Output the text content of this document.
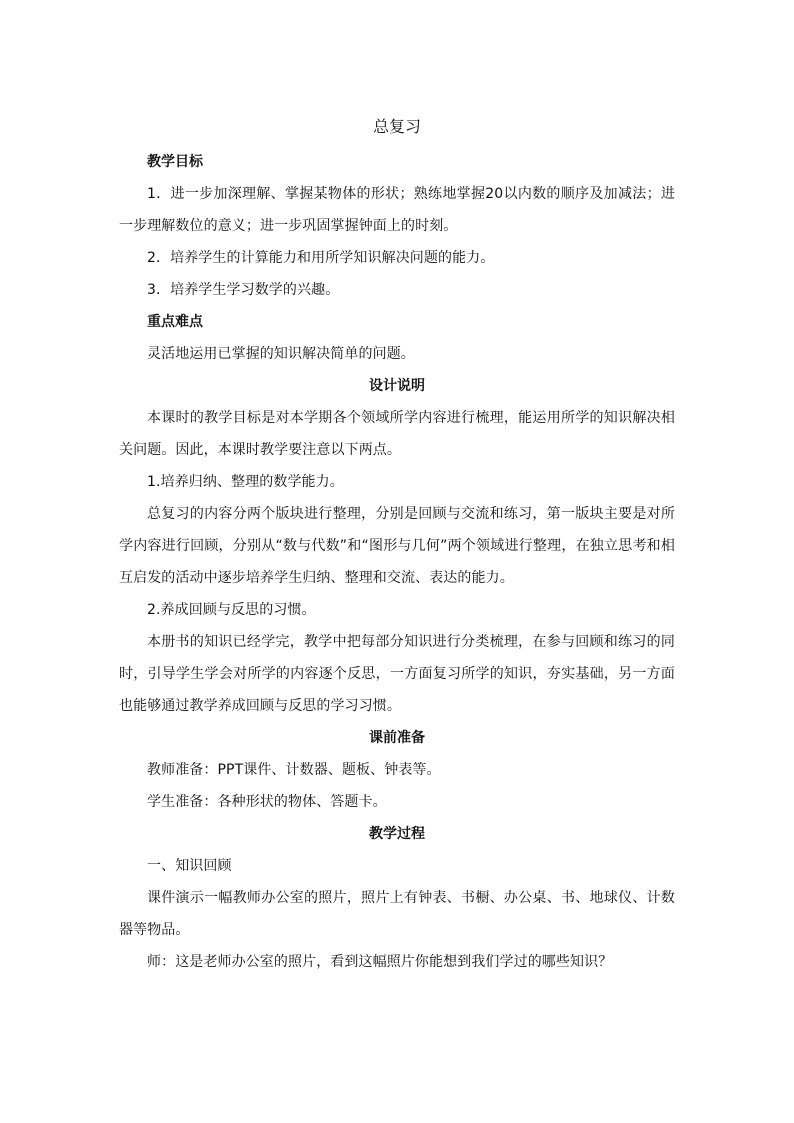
总复习

教学目标

1．进一步加深理解、掌握某物体的形状；熟练地掌握20以内数的顺序及加减法；进一步理解数位的意义；进一步巩固掌握钟面上的时刻。

2．培养学生的计算能力和用所学知识解决问题的能力。

3．培养学生学习数学的兴趣。

重点难点

灵活地运用已掌握的知识解决简单的问题。

设计说明

本课时的教学目标是对本学期各个领域所学内容进行梳理，能运用所学的知识解决相关问题。因此，本课时教学要注意以下两点。

1.培养归纳、整理的数学能力。

总复习的内容分两个版块进行整理，分别是回顾与交流和练习，第一版块主要是对所学内容进行回顾，分别从“数与代数”和“图形与几何”两个领域进行整理，在独立思考和相互启发的活动中逐步培养学生归纳、整理和交流、表达的能力。

2.养成回顾与反思的习惯。

本册书的知识已经学完，教学中把每部分知识进行分类梳理，在参与回顾和练习的同时，引导学生学会对所学的内容逐个反思，一方面复习所学的知识，夯实基础，另一方面也能够通过教学养成回顾与反思的学习习惯。

课前准备

教师准备：PPT课件、计数器、题板、钟表等。

学生准备：各种形状的物体、答题卡。

教学过程

一、知识回顾

课件演示一幅教师办公室的照片，照片上有钟表、书橱、办公桌、书、地球仪、计数器等物品。

师：这是老师办公室的照片，看到这幅照片你能想到我们学过的哪些知识？
